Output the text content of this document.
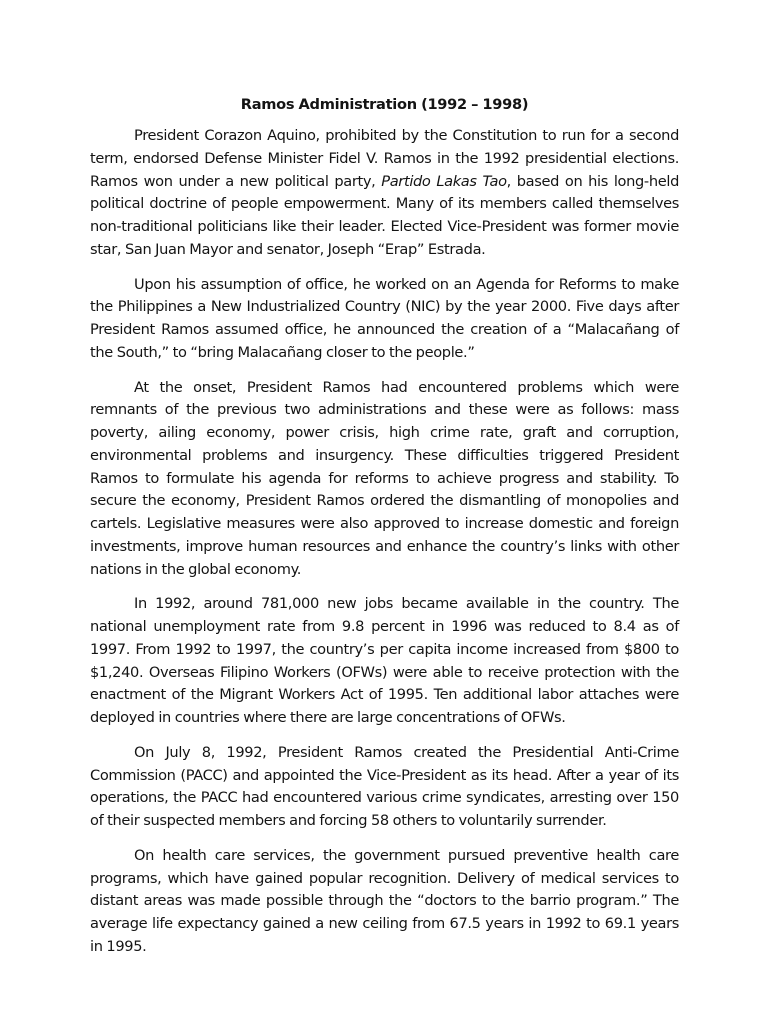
Ramos Administration (1992 – 1998)

President Corazon Aquino, prohibited by the Constitution to run for a second term, endorsed Defense Minister Fidel V. Ramos in the 1992 presidential elections. Ramos won under a new political party, Partido Lakas Tao, based on his long-held political doctrine of people empowerment. Many of its members called themselves non-traditional politicians like their leader. Elected Vice-President was former movie star, San Juan Mayor and senator, Joseph “Erap” Estrada.

Upon his assumption of office, he worked on an Agenda for Reforms to make the Philippines a New Industrialized Country (NIC) by the year 2000. Five days after President Ramos assumed office, he announced the creation of a “Malacañang of the South,” to “bring Malacañang closer to the people.”

At the onset, President Ramos had encountered problems which were remnants of the previous two administrations and these were as follows: mass poverty, ailing economy, power crisis, high crime rate, graft and corruption, environmental problems and insurgency. These difficulties triggered President Ramos to formulate his agenda for reforms to achieve progress and stability. To secure the economy, President Ramos ordered the dismantling of monopolies and cartels. Legislative measures were also approved to increase domestic and foreign investments, improve human resources and enhance the country’s links with other nations in the global economy.

In 1992, around 781,000 new jobs became available in the country. The national unemployment rate from 9.8 percent in 1996 was reduced to 8.4 as of 1997. From 1992 to 1997, the country’s per capita income increased from $800 to $1,240. Overseas Filipino Workers (OFWs) were able to receive protection with the enactment of the Migrant Workers Act of 1995. Ten additional labor attaches were deployed in countries where there are large concentrations of OFWs.

On July 8, 1992, President Ramos created the Presidential Anti-Crime Commission (PACC) and appointed the Vice-President as its head. After a year of its operations, the PACC had encountered various crime syndicates, arresting over 150 of their suspected members and forcing 58 others to voluntarily surrender.

On health care services, the government pursued preventive health care programs, which have gained popular recognition. Delivery of medical services to distant areas was made possible through the “doctors to the barrio program.” The average life expectancy gained a new ceiling from 67.5 years in 1992 to 69.1 years in 1995.
